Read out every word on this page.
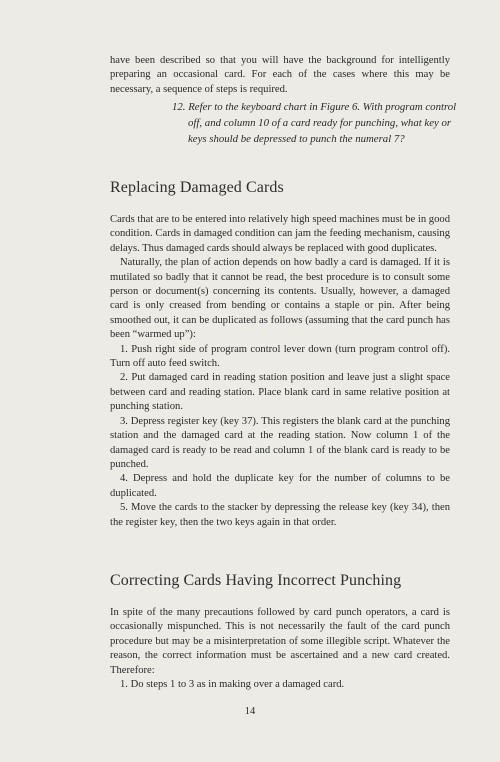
have been described so that you will have the background for intelligently preparing an occasional card. For each of the cases where this may be necessary, a sequence of steps is required.

12. Refer to the keyboard chart in Figure 6. With program control off, and column 10 of a card ready for punching, what key or keys should be depressed to punch the numeral 7?
Replacing Damaged Cards

Cards that are to be entered into relatively high speed machines must be in good condition. Cards in damaged condition can jam the feeding mechanism, causing delays. Thus damaged cards should always be replaced with good duplicates.

Naturally, the plan of action depends on how badly a card is damaged. If it is mutilated so badly that it cannot be read, the best procedure is to consult some person or document(s) concerning its contents. Usually, however, a damaged card is only creased from bending or contains a staple or pin. After being smoothed out, it can be duplicated as follows (assuming that the card punch has been “warmed up”):

1. Push right side of program control lever down (turn program control off). Turn off auto feed switch.

2. Put damaged card in reading station position and leave just a slight space between card and reading station. Place blank card in same relative position at punching station.

3. Depress register key (key 37). This registers the blank card at the punching station and the damaged card at the reading station. Now column 1 of the damaged card is ready to be read and column 1 of the blank card is ready to be punched.

4. Depress and hold the duplicate key for the number of columns to be duplicated.

5. Move the cards to the stacker by depressing the release key (key 34), then the register key, then the two keys again in that order.

Correcting Cards Having Incorrect Punching

In spite of the many precautions followed by card punch operators, a card is occasionally mispunched. This is not necessarily the fault of the card punch procedure but may be a misinterpretation of some illegible script. Whatever the reason, the correct information must be ascertained and a new card created. Therefore:

1. Do steps 1 to 3 as in making over a damaged card.

14
